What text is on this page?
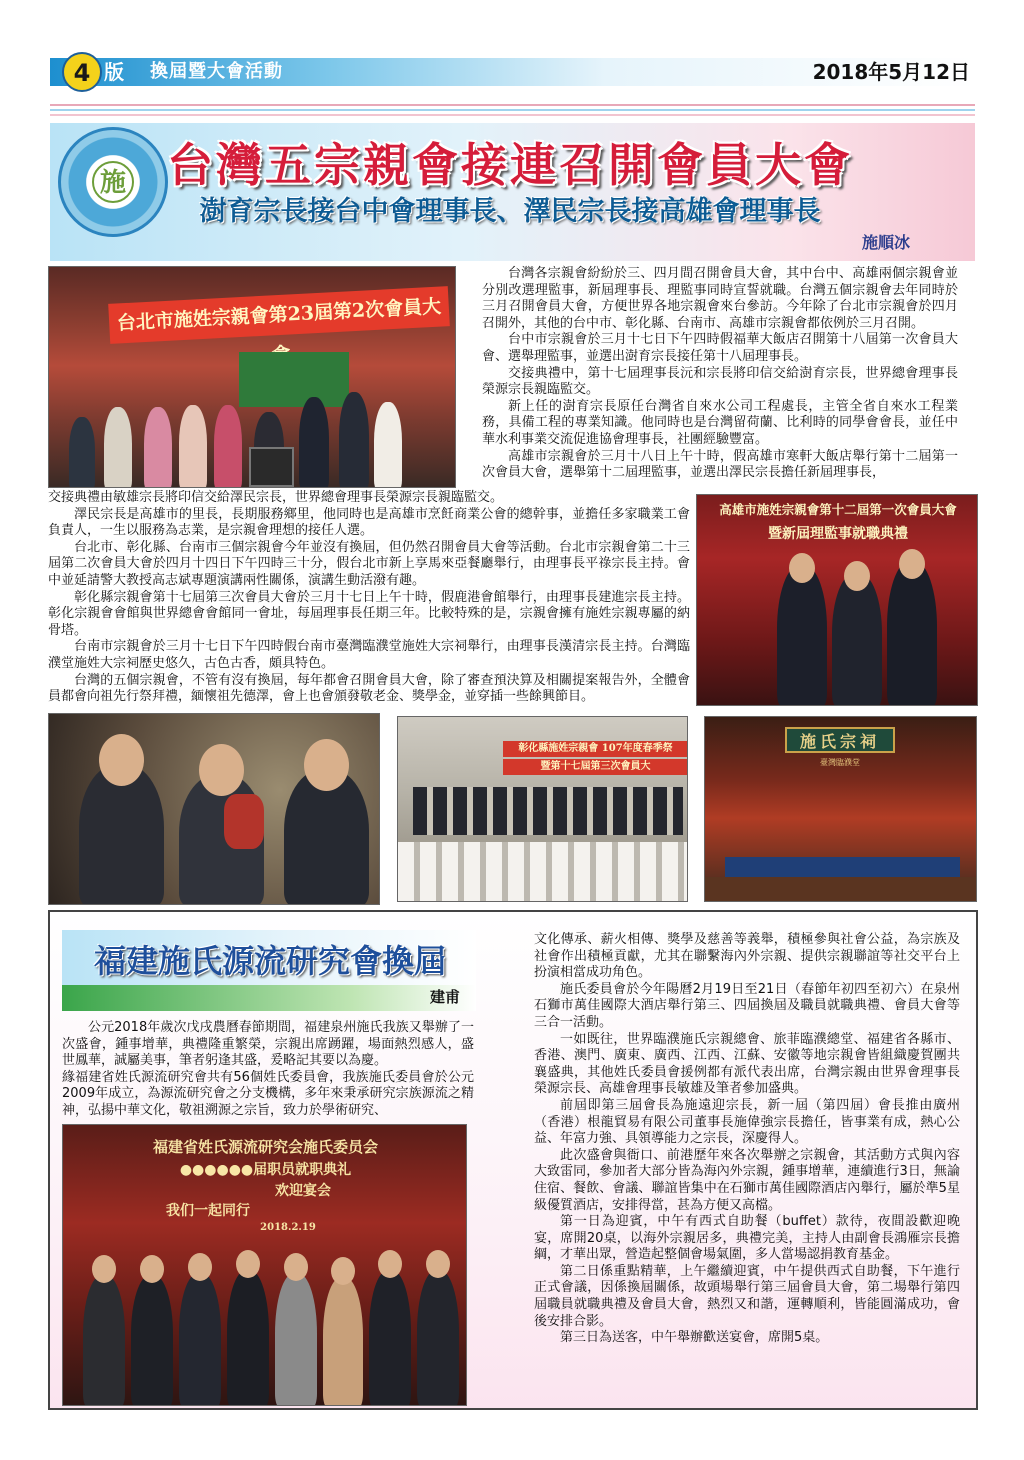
4 版 換屆暨大會活動	2018年5月12日
施 台灣五宗親會接連召開會員大會
澍育宗長接台中會理事長、澤民宗長接高雄會理事長
施順冰
台北市施姓宗親會第23屆第2次會員大會

台灣各宗親會紛紛於三、四月間召開會員大會，其中台中、高雄兩個宗親會並分別改選理監事，新屆理事長、理監事同時宣誓就職。台灣五個宗親會去年同時於三月召開會員大會，方便世界各地宗親會來台參訪。今年除了台北市宗親會於四月召開外，其他的台中市、彰化縣、台南市、高雄市宗親會都依例於三月召開。

台中市宗親會於三月十七日下午四時假福華大飯店召開第十八屆第一次會員大會、選舉理監事，並選出澍育宗長接任第十八屆理事長。

交接典禮中，第十七屆理事長沅和宗長將印信交給澍育宗長，世界總會理事長榮源宗長親臨監交。

新上任的澍育宗長原任台灣省自來水公司工程處長，主管全省自來水工程業務，具備工程的專業知識。他同時也是台灣留荷蘭、比利時的同學會會長，並任中華水利事業交流促進協會理事長，社團經驗豐富。

高雄市宗親會於三月十八日上午十時，假高雄市寒軒大飯店舉行第十二屆第一次會員大會，選舉第十二屆理監事，並選出澤民宗長擔任新屆理事長，

交接典禮由敏雄宗長將印信交給澤民宗長，世界總會理事長榮源宗長親臨監交。

澤民宗長是高雄市的里長，長期服務鄉里，他同時也是高雄市烹飪商業公會的總幹事，並擔任多家職業工會負責人，一生以服務為志業，是宗親會理想的接任人選。

台北市、彰化縣、台南市三個宗親會今年並沒有換屆，但仍然召開會員大會等活動。台北市宗親會第二十三屆第二次會員大會於四月十四日下午四時三十分，假台北市新上享馬來亞餐廳舉行，由理事長平祿宗長主持。會中並延請警大教授高志斌專題演講兩性關係，演講生動活潑有趣。

彰化縣宗親會第十七屆第三次會員大會於三月十七日上午十時，假鹿港會館舉行，由理事長建進宗長主持。彰化宗親會會館與世界總會會館同一會址，每屆理事長任期三年。比較特殊的是，宗親會擁有施姓宗親專屬的納骨塔。

台南市宗親會於三月十七日下午四時假台南市臺灣臨濮堂施姓大宗祠舉行，由理事長漢清宗長主持。台灣臨濮堂施姓大宗祠歷史悠久，古色古香，頗具特色。

台灣的五個宗親會，不管有沒有換屆，每年都會召開會員大會，除了審查預決算及相關提案報告外，全體會員都會向祖先行祭拜禮，緬懷祖先德澤，會上也會頒發敬老金、獎學金，並穿插一些餘興節目。

高雄市施姓宗親會第十二屆第一次會員大會
暨新屆理監事就職典禮
彰化縣施姓宗親會 107年度春季祭
暨第十七屆第三次會員大
施氏宗祠
臺灣臨濮堂
福建施氏源流研究會換屆
建甫

公元2018年歲次戊戌農曆春節期間，福建泉州施氏我族又舉辦了一次盛會，鍾事增華，典禮隆重繁榮，宗親出席踴躍，場面熱烈感人，盛世鳳華，誠屬美事，筆者躬逢其盛，爰略記其要以為慶。

緣福建省姓氏源流研究會共有56個姓氏委員會，我族施氏委員會於公元2009年成立，為源流研究會之分支機構，多年來秉承研究宗族源流之精神，弘揚中華文化，敬祖溯源之宗旨，致力於學術研究、

福建省姓氏源流研究会施氏委员会
●●●●●●届职员就职典礼
欢迎宴会
我们一起同行
2018.2.19

文化傳承、薪火相傳、獎學及慈善等義舉，積極參與社會公益，為宗族及社會作出積極貢獻，尤其在聯繫海內外宗親、提供宗親聯誼等社交平台上扮演相當成功角色。

施氏委員會於今年陽曆2月19日至21日（春節年初四至初六）在泉州石獅市萬佳國際大酒店舉行第三、四屆換屆及職員就職典禮、會員大會等三合一活動。

一如既往，世界臨濮施氏宗親總會、旅菲臨濮總堂、福建省各縣市、香港、澳門、廣東、廣西、江西、江蘇、安徽等地宗親會皆組織慶賀團共襄盛典，其他姓氏委員會援例都有派代表出席，台灣宗親由世界會理事長榮源宗長、高雄會理事長敏雄及筆者參加盛典。

前屆即第三屆會長為施遠迎宗長，新一屆（第四屆）會長推由廣州（香港）根龍貿易有限公司董事長施偉強宗長擔任，皆事業有成，熱心公益、年富力強、具領導能力之宗長，深慶得人。

此次盛會與衙口、前港歷年來各次舉辦之宗親會，其活動方式與內容大致雷同，參加者大部分皆為海內外宗親，鍾事增華，連續進行3日，無論住宿、餐飲、會議、聯誼皆集中在石獅市萬佳國際酒店內舉行，屬於準5星級優質酒店，安排得當，甚為方便又高檔。

第一日為迎賓，中午有西式自助餐（buffet）款待，夜間設歡迎晚宴，席開20桌，以海外宗親居多，典禮完美，主持人由副會長鴻雁宗長擔綱，才華出眾，營造起整個會場氣圍，多人當場認捐教育基金。

第二日係重點精華，上午繼續迎賓，中午提供西式自助餐，下午進行正式會議，因係換屆關係，故頭場舉行第三屆會員大會，第二場舉行第四屆職員就職典禮及會員大會，熱烈又和諧，運轉順利，皆能圓滿成功，會後安排合影。

第三日為送客，中午舉辦歡送宴會，席開5桌。
